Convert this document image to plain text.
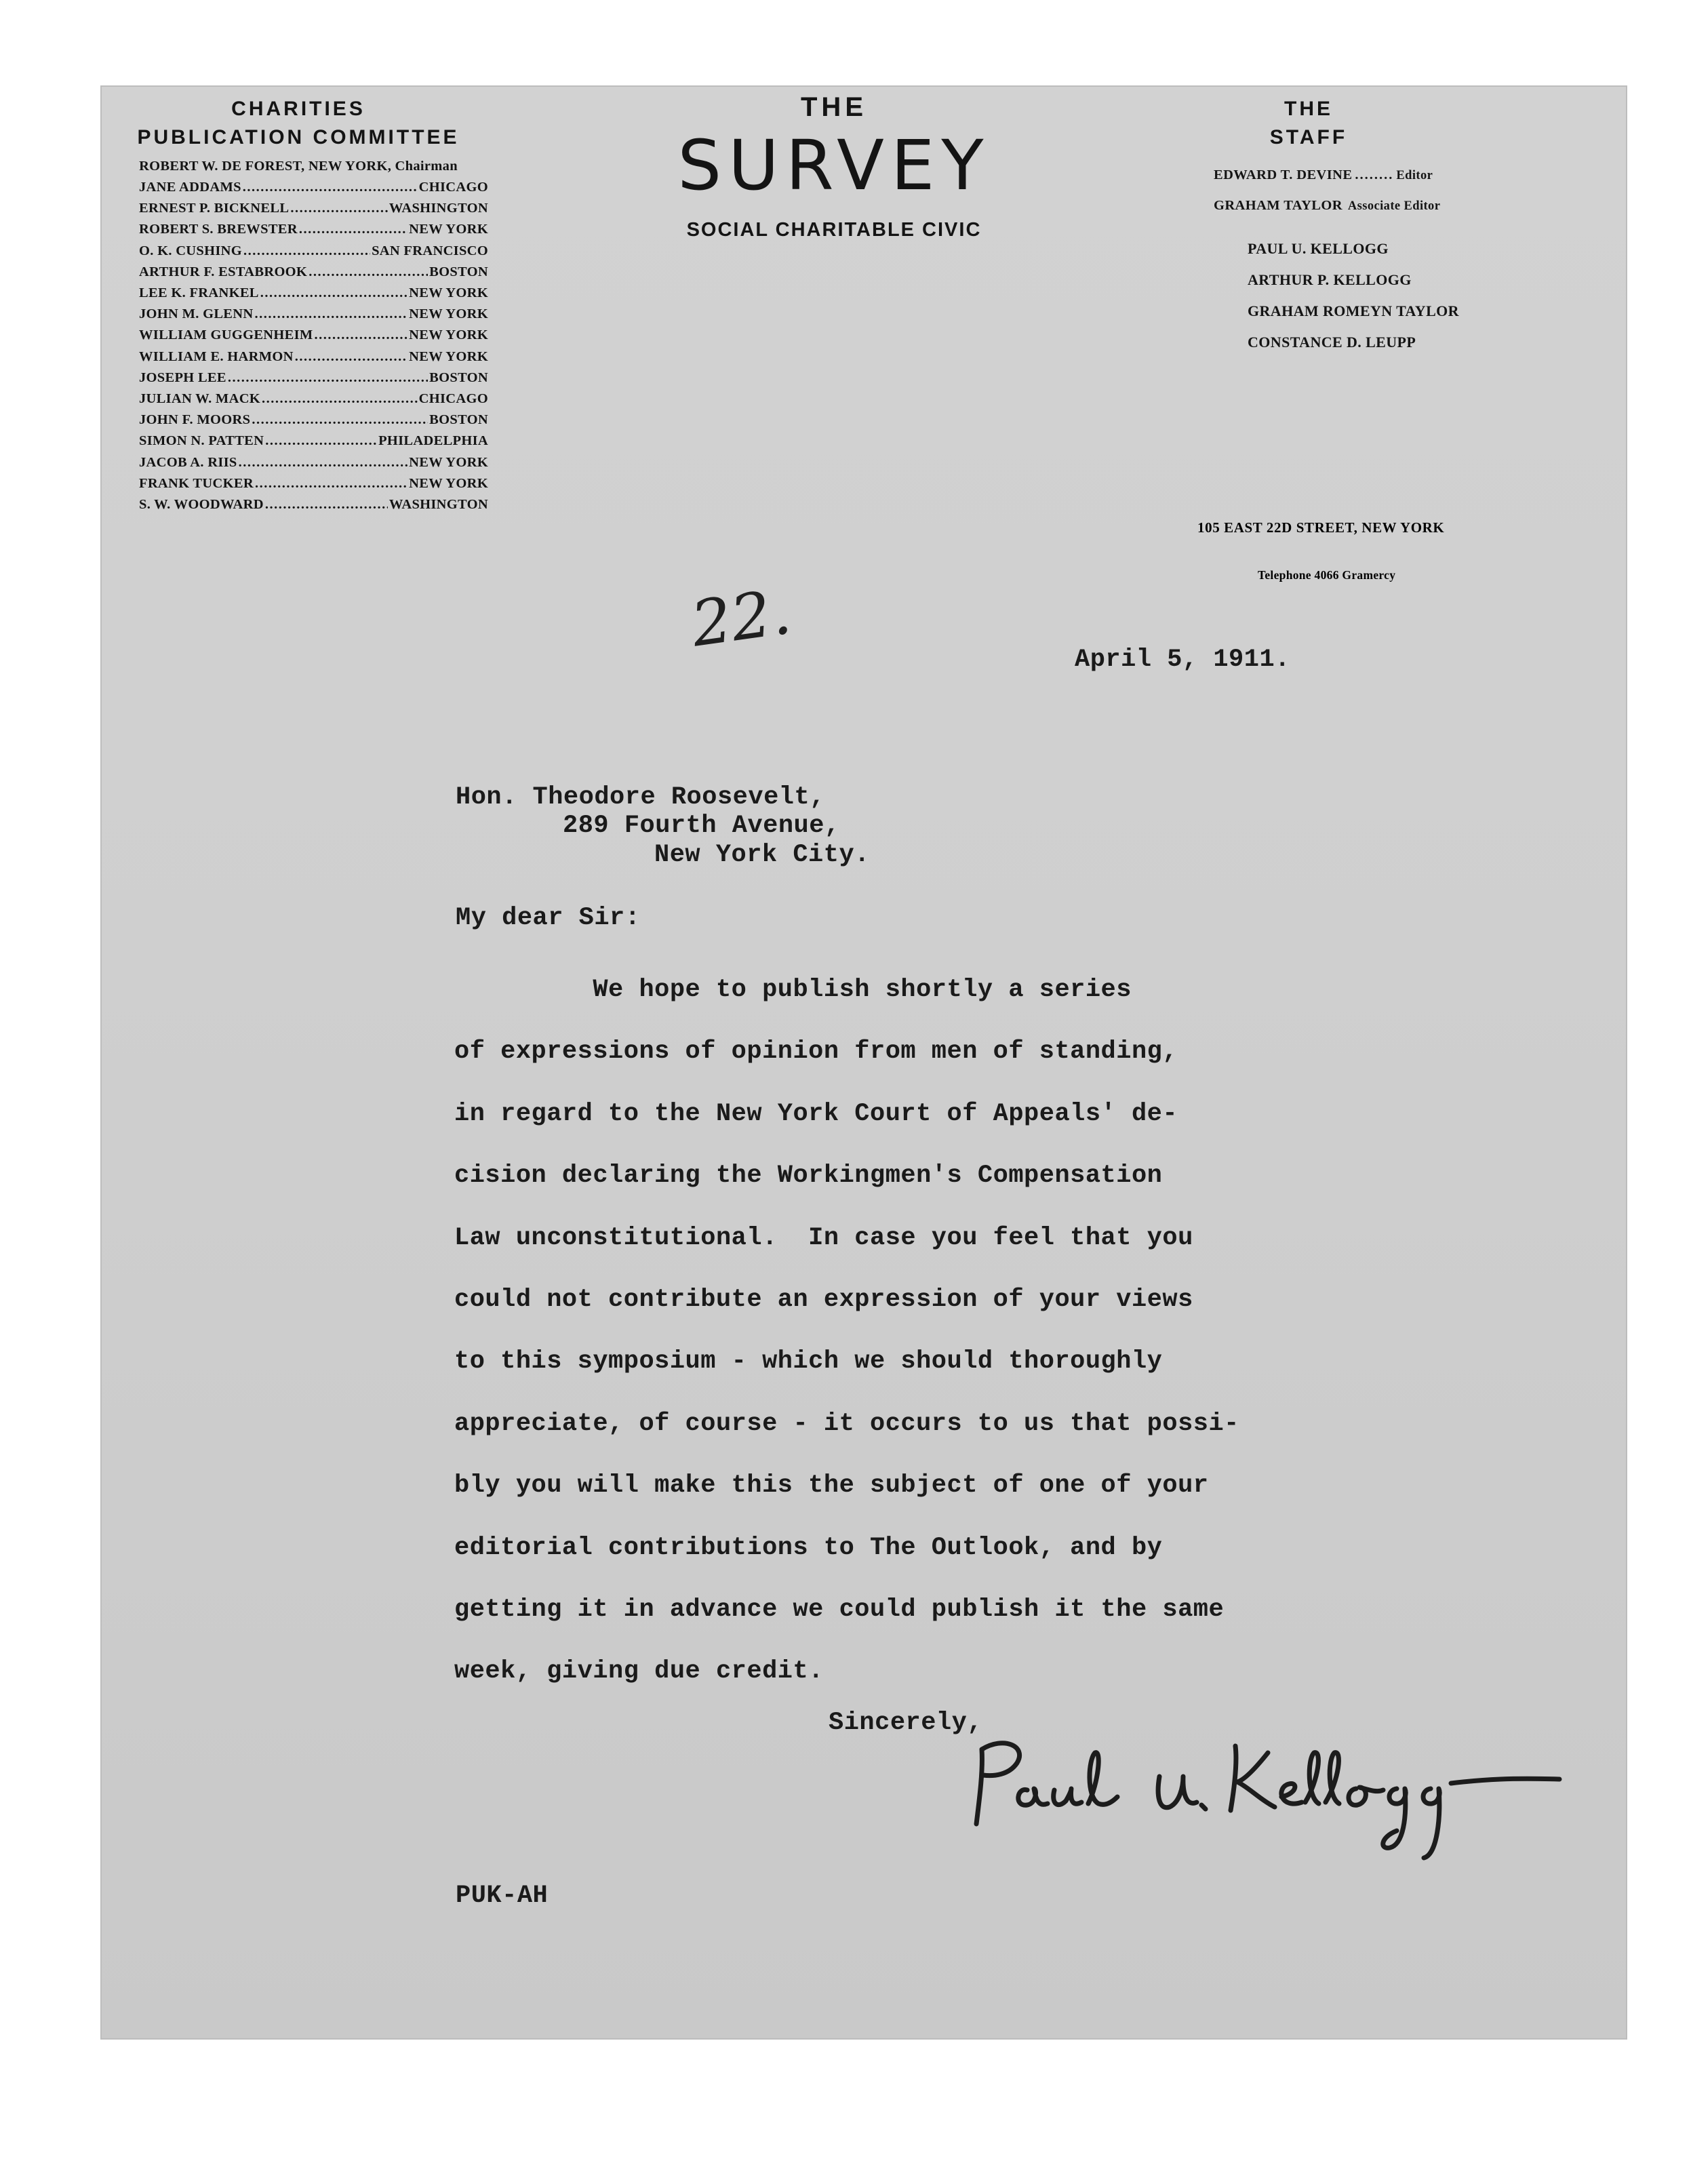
CHARITIES
PUBLICATION COMMITTEE
ROBERT W. DE FOREST, NEW YORK, Chairman
JANE ADDAMS .....	CHICAGO
ERNEST P. BICKNELL .....	WASHINGTON
ROBERT S. BREWSTER .....	NEW YORK
O. K. CUSHING .....	SAN FRANCISCO
ARTHUR F. ESTABROOK .....	BOSTON
LEE K. FRANKEL .....	NEW YORK
JOHN M. GLENN .....	NEW YORK
WILLIAM GUGGENHEIM .....	NEW YORK
WILLIAM E. HARMON .....	NEW YORK
JOSEPH LEE .....	BOSTON
JULIAN W. MACK .....	CHICAGO
JOHN F. MOORS .....	BOSTON
SIMON N. PATTEN .....	PHILADELPHIA
JACOB A. RIIS .....	NEW YORK
FRANK TUCKER .....	NEW YORK
S. W. WOODWARD .....	WASHINGTON
THE
SURVEY
SOCIAL CHARITABLE CIVIC
THE
STAFF
EDWARD T. DEVINE ........ Editor
GRAHAM TAYLOR Associate Editor
PAUL U. KELLOGG
ARTHUR P. KELLOGG
GRAHAM ROMEYN TAYLOR
CONSTANCE D. LEUPP
105 EAST 22D STREET, NEW YORK
Telephone 4066 Gramercy
22.	April 5, 1911.
Hon. Theodore Roosevelt,
289 Fourth Avenue,
New York City.
My dear Sir:
We hope to publish shortly a series
of expressions of opinion from men of standing,
in regard to the New York Court of Appeals' de-
cision declaring the Workingmen's Compensation
Law unconstitutional.  In case you feel that you
could not contribute an expression of your views
to this symposium - which we should thoroughly
appreciate, of course - it occurs to us that possi-
bly you will make this the subject of one of your
editorial contributions to The Outlook, and by
getting it in advance we could publish it the same
week, giving due credit.
Sincerely,
PUK-AH
